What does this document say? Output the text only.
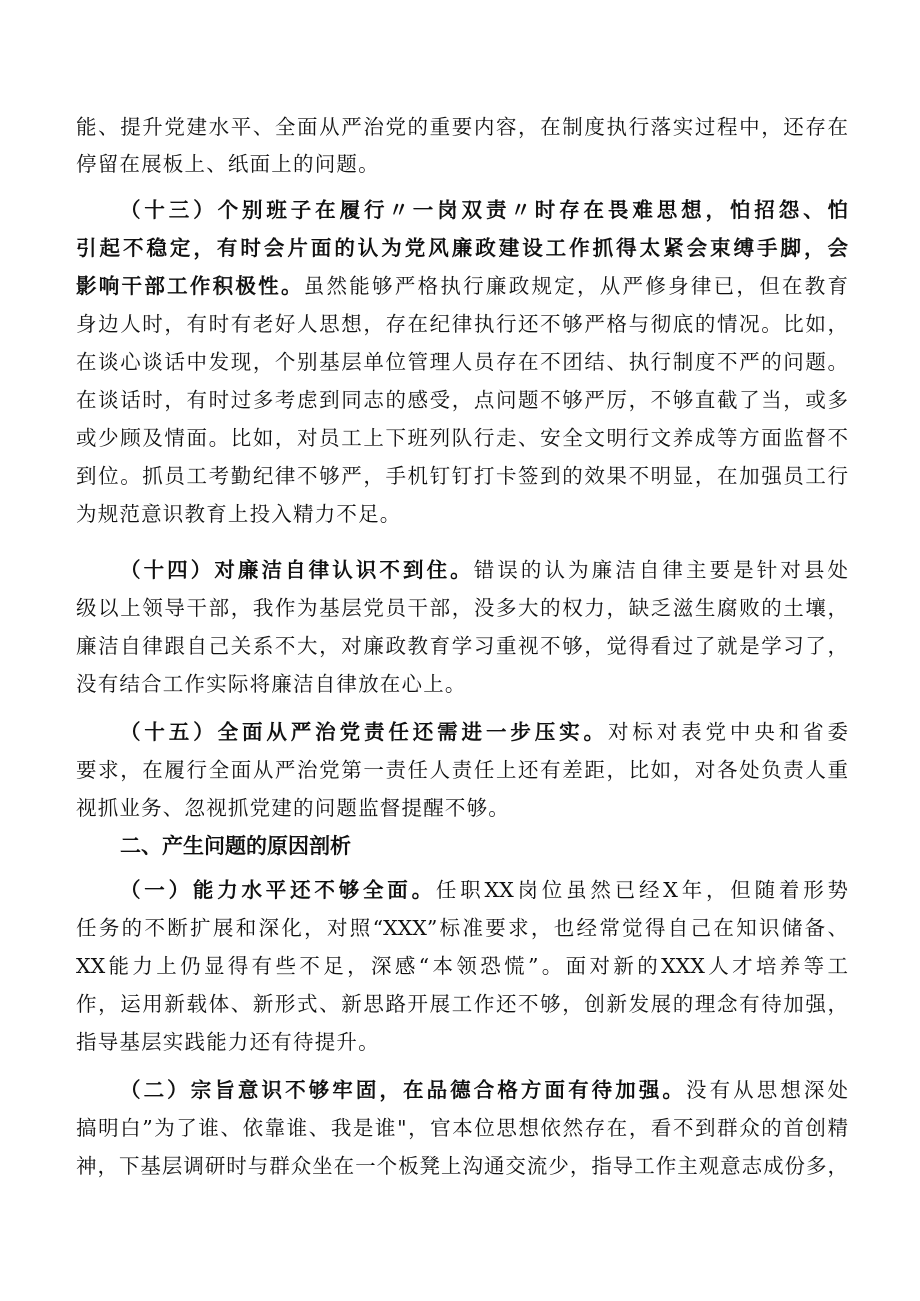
能、提升党建水平、全面从严治党的重要内容，在制度执行落实过程中，还存在
停留在展板上、纸面上的问题。
（十三）个别班子在履行〃一岗双责〃时存在畏难思想，怕招怨、怕
引起不稳定，有时会片面的认为党风廉政建设工作抓得太紧会束缚手脚，会
影响干部工作积极性。虽然能够严格执行廉政规定，从严修身律已，但在教育
身边人时，有时有老好人思想，存在纪律执行还不够严格与彻底的情况。比如，
在谈心谈话中发现，个别基层单位管理人员存在不团结、执行制度不严的问题。
在谈话时，有时过多考虑到同志的感受，点问题不够严厉，不够直截了当，或多
或少顾及情面。比如，对员工上下班列队行走、安全文明行文养成等方面监督不
到位。抓员工考勤纪律不够严，手机钉钉打卡签到的效果不明显，在加强员工行
为规范意识教育上投入精力不足。
（十四）对廉洁自律认识不到住。错误的认为廉洁自律主要是针对县处
级以上领导干部，我作为基层党员干部，没多大的权力，缺乏滋生腐败的土壤，
廉洁自律跟自己关系不大，对廉政教育学习重视不够，觉得看过了就是学习了，
没有结合工作实际将廉洁自律放在心上。
（十五）全面从严治党责任还需进一步压实。对标对表党中央和省委
要求，在履行全面从严治党第一责任人责任上还有差距，比如，对各处负责人重
视抓业务、忽视抓党建的问题监督提醒不够。
二、产生问题的原因剖析
（一）能力水平还不够全面。任职XX岗位虽然已经X年，但随着形势
任务的不断扩展和深化，对照“XXX”标准要求，也经常觉得自己在知识储备、
XX能力上仍显得有些不足，深感“本领恐慌”。面对新的XXX人才培养等工
作，运用新载体、新形式、新思路开展工作还不够，创新发展的理念有待加强，
指导基层实践能力还有待提升。
（二）宗旨意识不够牢固，在品德合格方面有待加强。没有从思想深处
搞明白”为了谁、依靠谁、我是谁"，官本位思想依然存在，看不到群众的首创精
神，下基层调研时与群众坐在一个板凳上沟通交流少，指导工作主观意志成份多，
